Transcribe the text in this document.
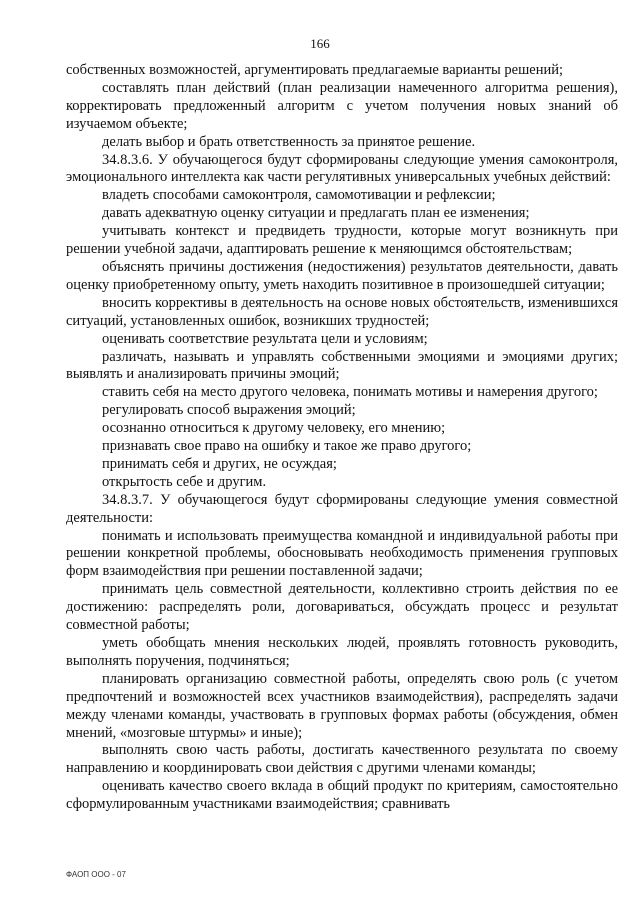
166

собственных возможностей, аргументировать предлагаемые варианты решений;

составлять план действий (план реализации намеченного алгоритма решения), корректировать предложенный алгоритм с учетом получения новых знаний об изучаемом объекте;

делать выбор и брать ответственность за принятое решение.

34.8.3.6. У обучающегося будут сформированы следующие умения самоконтроля, эмоционального интеллекта как части регулятивных универсальных учебных действий:

владеть способами самоконтроля, самомотивации и рефлексии;

давать адекватную оценку ситуации и предлагать план ее изменения;

учитывать контекст и предвидеть трудности, которые могут возникнуть при решении учебной задачи, адаптировать решение к меняющимся обстоятельствам;

объяснять причины достижения (недостижения) результатов деятельности, давать оценку приобретенному опыту, уметь находить позитивное в произошедшей ситуации;

вносить коррективы в деятельность на основе новых обстоятельств, изменившихся ситуаций, установленных ошибок, возникших трудностей;

оценивать соответствие результата цели и условиям;

различать, называть и управлять собственными эмоциями и эмоциями других; выявлять и анализировать причины эмоций;

ставить себя на место другого человека, понимать мотивы и намерения другого;

регулировать способ выражения эмоций;

осознанно относиться к другому человеку, его мнению;

признавать свое право на ошибку и такое же право другого;

принимать себя и других, не осуждая;

открытость себе и другим.

34.8.3.7. У обучающегося будут сформированы следующие умения совместной деятельности:

понимать и использовать преимущества командной и индивидуальной работы при решении конкретной проблемы, обосновывать необходимость применения групповых форм взаимодействия при решении поставленной задачи;

принимать цель совместной деятельности, коллективно строить действия по ее достижению: распределять роли, договариваться, обсуждать процесс и результат совместной работы;

уметь обобщать мнения нескольких людей, проявлять готовность руководить, выполнять поручения, подчиняться;

планировать организацию совместной работы, определять свою роль (с учетом предпочтений и возможностей всех участников взаимодействия), распределять задачи между членами команды, участвовать в групповых формах работы (обсуждения, обмен мнений, «мозговые штурмы» и иные);

выполнять свою часть работы, достигать качественного результата по своему направлению и координировать свои действия с другими членами команды;

оценивать качество своего вклада в общий продукт по критериям, самостоятельно сформулированным участниками взаимодействия; сравнивать

ФАОП ООО - 07
